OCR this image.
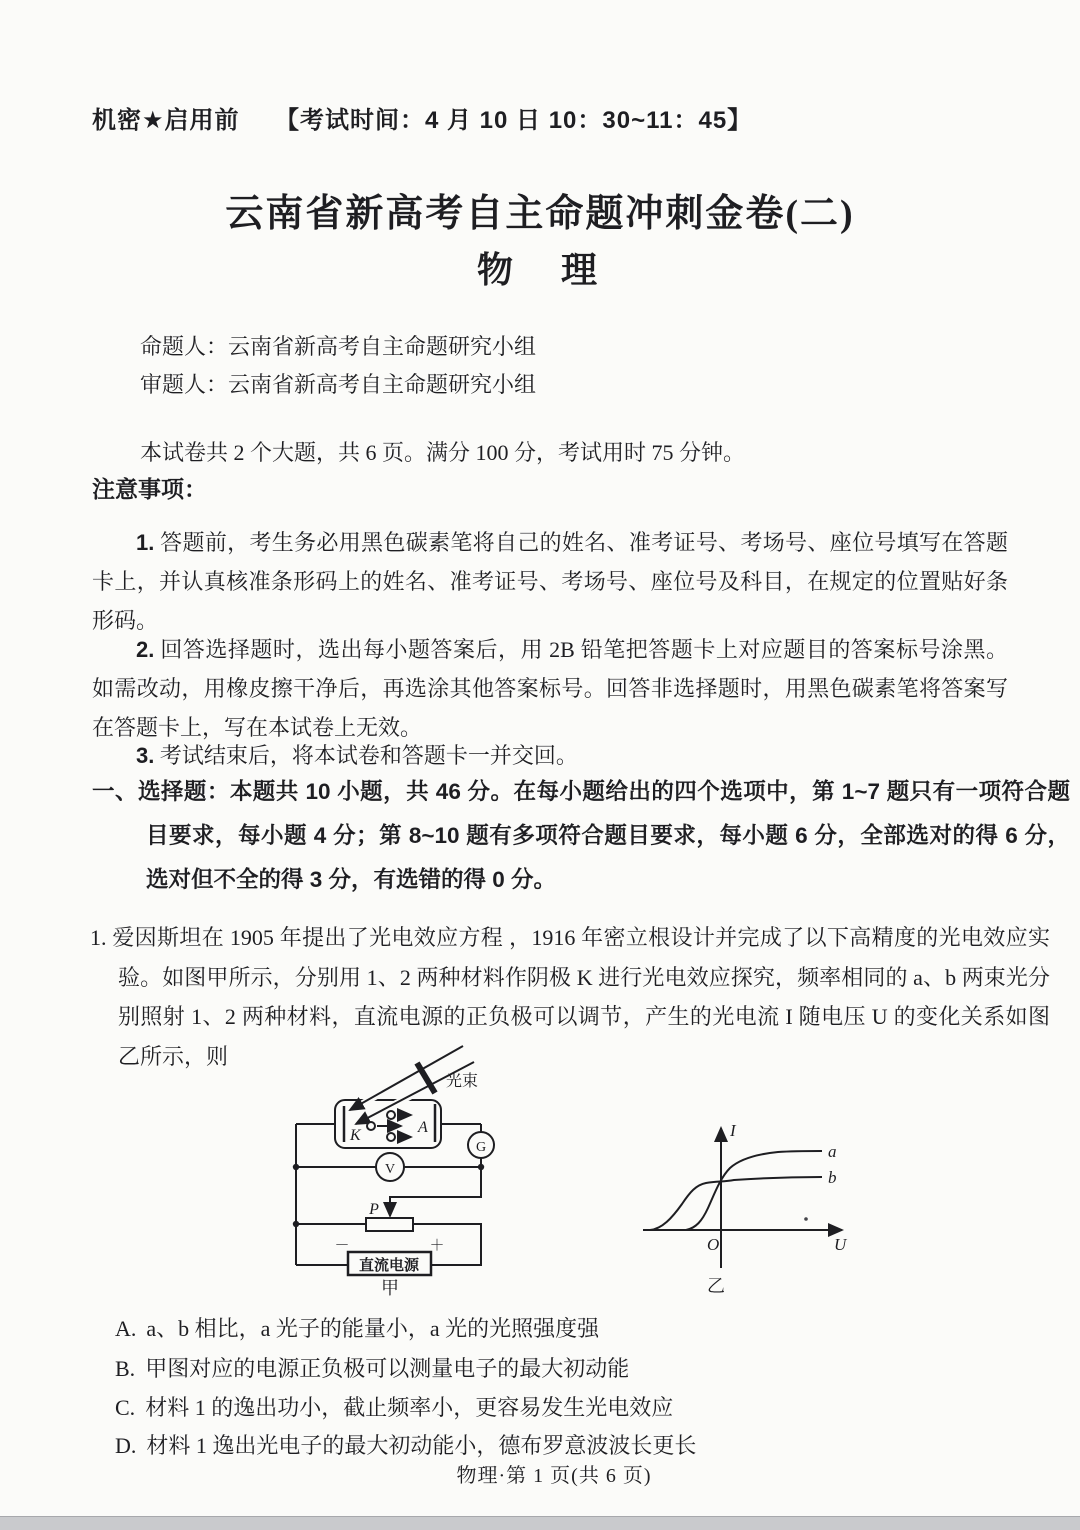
机密★启用前 【考试时间：4 月 10 日 10：30~11：45】
云南省新高考自主命题冲刺金卷(二)
物　理
命题人：云南省新高考自主命题研究小组
审题人：云南省新高考自主命题研究小组
本试卷共 2 个大题，共 6 页。满分 100 分，考试用时 75 分钟。
注意事项：

1. 答题前，考生务必用黑色碳素笔将自己的姓名、准考证号、考场号、座位号填写在答题卡上，并认真核准条形码上的姓名、准考证号、考场号、座位号及科目，在规定的位置贴好条形码。

2. 回答选择题时，选出每小题答案后，用 2B 铅笔把答题卡上对应题目的答案标号涂黑。如需改动，用橡皮擦干净后，再选涂其他答案标号。回答非选择题时，用黑色碳素笔将答案写在答题卡上，写在本试卷上无效。

3. 考试结束后，将本试卷和答题卡一并交回。

一、选择题：本题共 10 小题，共 46 分。在每小题给出的四个选项中，第 1~7 题只有一项符合题目要求，每小题 4 分；第 8~10 题有多项符合题目要求，每小题 6 分，全部选对的得 6 分，选对但不全的得 3 分，有选错的得 0 分。

1. 爱因斯坦在 1905 年提出了光电效应方程 ，1916 年密立根设计并完成了以下高精度的光电效应实验。如图甲所示，分别用 1、2 两种材料作阴极 K 进行光电效应探究，频率相同的 a、b 两束光分别照射 1、2 两种材料，直流电源的正负极可以调节，产生的光电流 I 随电压 U 的变化关系如图乙所示，则

光束
K	A
G
V
P
－	＋
直流电源
甲
I
U
O
a
b
乙
A. a、b 相比，a 光子的能量小，a 光的光照强度强
B. 甲图对应的电源正负极可以测量电子的最大初动能
C. 材料 1 的逸出功小，截止频率小，更容易发生光电效应
D. 材料 1 逸出光电子的最大初动能小，德布罗意波波长更长
物理·第 1 页(共 6 页)
